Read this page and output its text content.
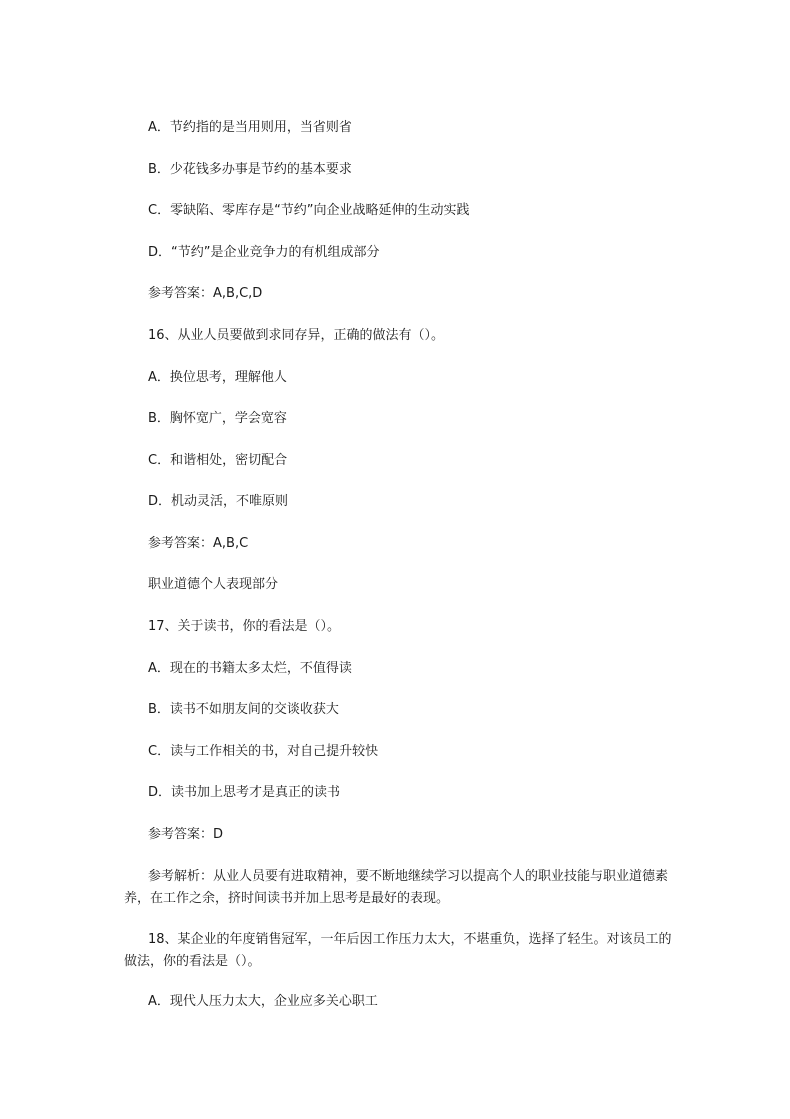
A．节约指的是当用则用，当省则省
B．少花钱多办事是节约的基本要求
C．零缺陷、零库存是“节约”向企业战略延伸的生动实践
D．“节约”是企业竞争力的有机组成部分
参考答案：A,B,C,D
16、从业人员要做到求同存异，正确的做法有（）。
A．换位思考，理解他人
B．胸怀宽广，学会宽容
C．和谐相处，密切配合
D．机动灵活，不唯原则
参考答案：A,B,C
职业道德个人表现部分
17、关于读书，你的看法是（）。
A．现在的书籍太多太烂，不值得读
B．读书不如朋友间的交谈收获大
C．读与工作相关的书，对自己提升较快
D．读书加上思考才是真正的读书
参考答案：D
参考解析：从业人员要有进取精神，要不断地继续学习以提高个人的职业技能与职业道德素养，在工作之余，挤时间读书并加上思考是最好的表现。
18、某企业的年度销售冠军，一年后因工作压力太大，不堪重负，选择了轻生。对该员工的做法，你的看法是（）。
A．现代人压力太大，企业应多关心职工
